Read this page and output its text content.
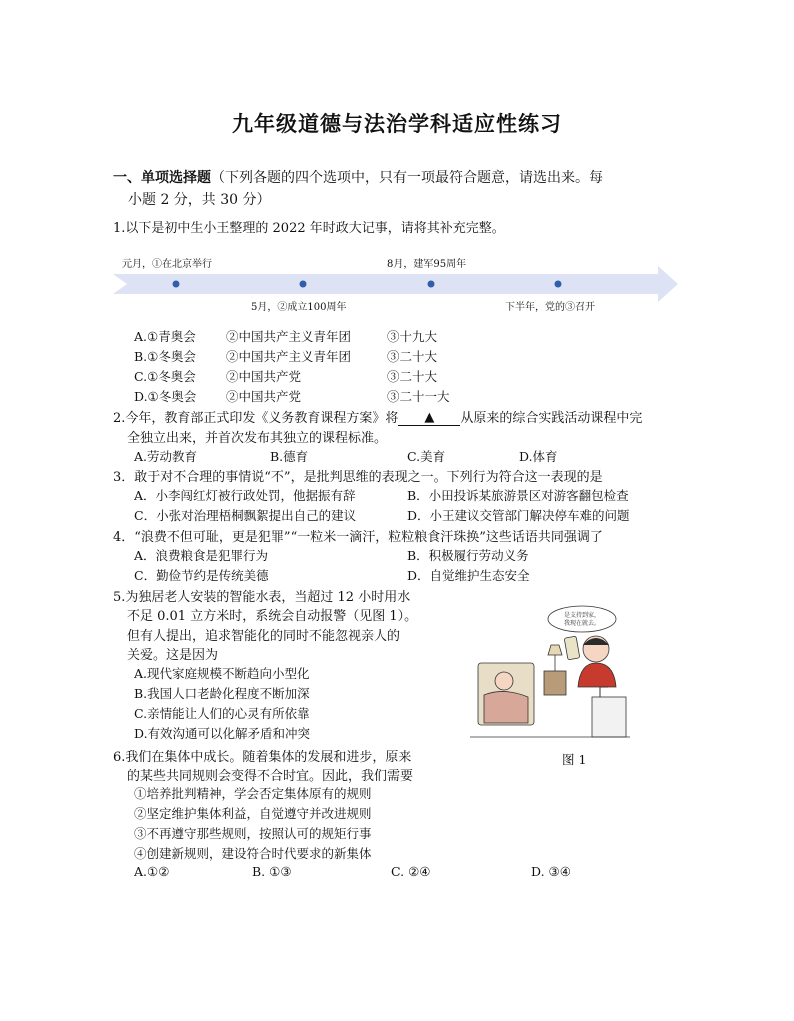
九年级道德与法治学科适应性练习
一、单项选择题（下列各题的四个选项中，只有一项最符合题意，请选出来。每
小题 2 分，共 30 分）
1.以下是初中生小王整理的 2022 年时政大记事，请将其补充完整。
元月，①在北京举行	8月，建军95周年
5月，②成立100周年	下半年，党的③召开
A.①青奥会 ②中国共产主义青年团	③十九大
B.①冬奥会 ②中国共产主义青年团	③二十大
C.①冬奥会 ②中国共产党	③二十大
D.①冬奥会 ②中国共产党	③二十一大
2.今年，教育部正式印发《义务教育课程方案》将 ▲ 从原来的综合实践活动课程中完
全独立出来，并首次发布其独立的课程标准。
A.劳动教育	B.德育	C.美育	D.体育
3．敢于对不合理的事情说“不”，是批判思维的表现之一。下列行为符合这一表现的是
A．小李闯红灯被行政处罚，他据振有辞	B．小田投诉某旅游景区对游客翻包检查
C．小张对治理梧桐飘絮提出自己的建议	D．小王建议交管部门解决停车难的问题
4．“浪费不但可耻，更是犯罪”“一粒米一滴汗，粒粒粮食汗珠换”这些话语共同强调了
A．浪费粮食是犯罪行为	B．积极履行劳动义务
C．勤俭节约是传统美德	D．自觉维护生态安全
5.为独居老人安装的智能水表，当超过 12 小时用水
不足 0.01 立方米时，系统会自动报警（见图 1）。
但有人提出，追求智能化的同时不能忽视亲人的
关爱。这是因为
A.现代家庭规模不断趋向小型化
B.我国人口老龄化程度不断加深
C.亲情能让人们的心灵有所依靠
D.有效沟通可以化解矛盾和冲突
是支持到家，
我现在就去。
图 1
6.我们在集体中成长。随着集体的发展和进步，原来
的某些共同规则会变得不合时宜。因此，我们需要
①培养批判精神，学会否定集体原有的规则
②坚定维护集体利益，自觉遵守并改进规则
③不再遵守那些规则，按照认可的规矩行事
④创建新规则，建设符合时代要求的新集体
A.①②	B. ①③	C. ②④	D. ③④
